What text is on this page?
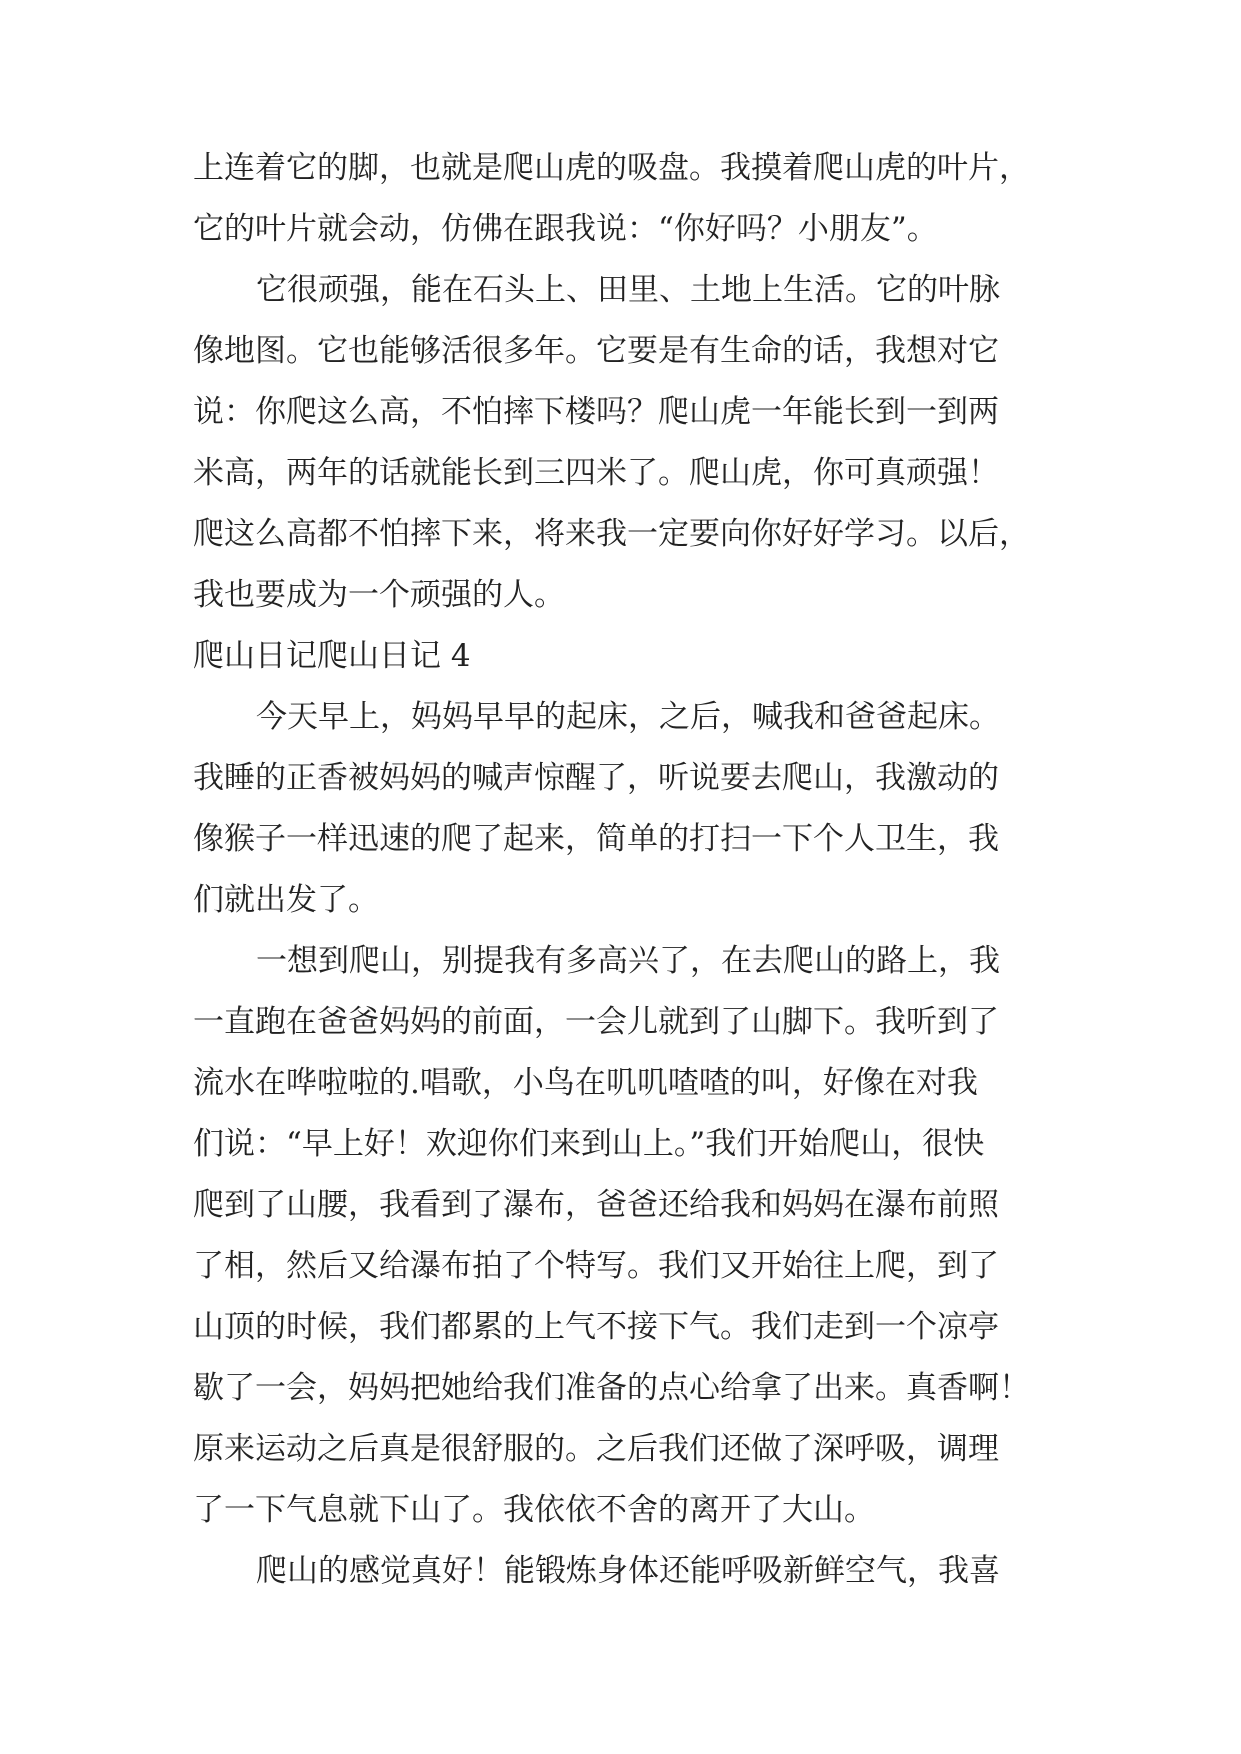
上连着它的脚，也就是爬山虎的吸盘。我摸着爬山虎的叶片，
它的叶片就会动，仿佛在跟我说：“你好吗？小朋友”。
它很顽强，能在石头上、田里、土地上生活。它的叶脉
像地图。它也能够活很多年。它要是有生命的话，我想对它
说：你爬这么高，不怕摔下楼吗？爬山虎一年能长到一到两
米高，两年的话就能长到三四米了。爬山虎，你可真顽强！
爬这么高都不怕摔下来，将来我一定要向你好好学习。以后，
我也要成为一个顽强的人。
爬山日记爬山日记 4
今天早上，妈妈早早的起床，之后，喊我和爸爸起床。
我睡的正香被妈妈的喊声惊醒了，听说要去爬山，我激动的
像猴子一样迅速的爬了起来，简单的打扫一下个人卫生，我
们就出发了。
一想到爬山，别提我有多高兴了，在去爬山的路上，我
一直跑在爸爸妈妈的前面，一会儿就到了山脚下。我听到了
流水在哗啦啦的.唱歌，小鸟在叽叽喳喳的叫，好像在对我
们说：“早上好！欢迎你们来到山上。”我们开始爬山，很快
爬到了山腰，我看到了瀑布，爸爸还给我和妈妈在瀑布前照
了相，然后又给瀑布拍了个特写。我们又开始往上爬，到了
山顶的时候，我们都累的上气不接下气。我们走到一个凉亭
歇了一会，妈妈把她给我们准备的点心给拿了出来。真香啊！
原来运动之后真是很舒服的。之后我们还做了深呼吸，调理
了一下气息就下山了。我依依不舍的离开了大山。
爬山的感觉真好！能锻炼身体还能呼吸新鲜空气，我喜
